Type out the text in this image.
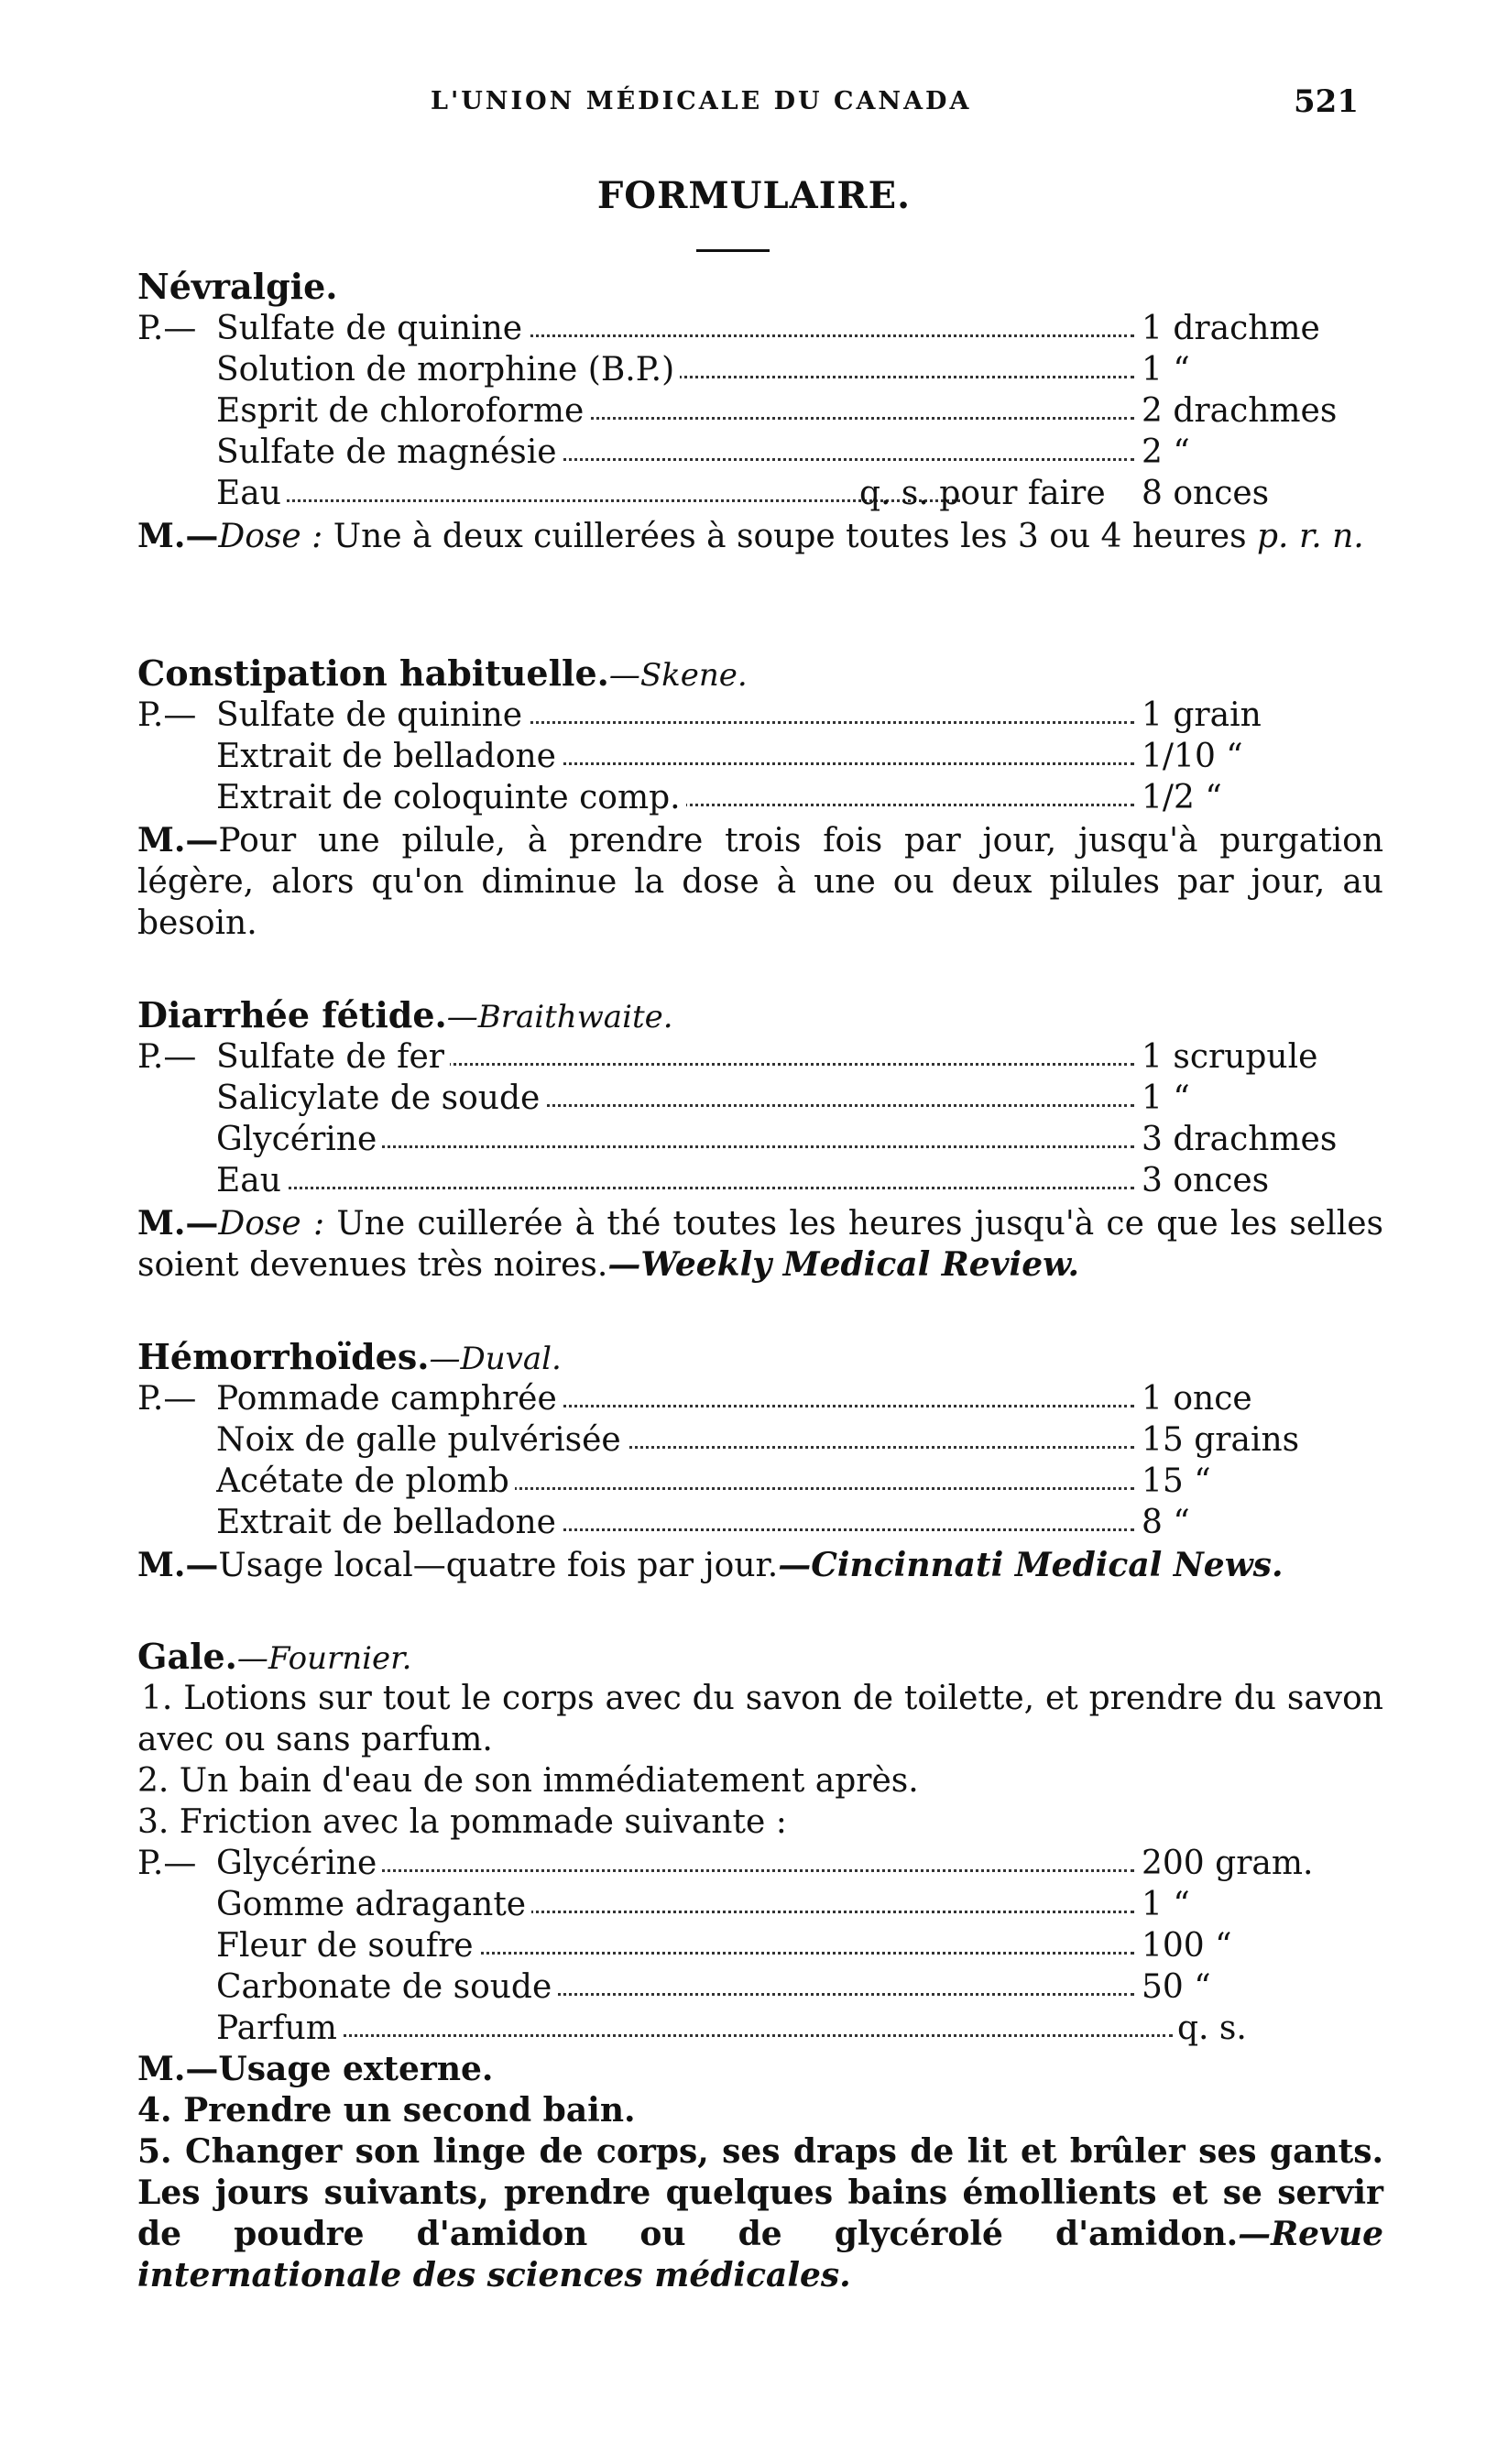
L'UNION MÉDICALE DU CANADA	521
FORMULAIRE.
Névralgie.
P.— Sulfate de quinine	1 drachme
Solution de morphine (B.P.)	1 “
Esprit de chloroforme	2 drachmes
Sulfate de magnésie	2 “
Eau	q. s. pour faire 8 onces
M.—Dose : Une à deux cuillerées à soupe toutes les 3 ou 4 heures p. r. n.
Constipation habituelle.—Skene.
P.— Sulfate de quinine	1 grain
Extrait de belladone	1/10 “
Extrait de coloquinte comp.	1/2 “
M.—Pour une pilule, à prendre trois fois par jour, jusqu'à purgation légère, alors qu'on diminue la dose à une ou deux pilules par jour, au besoin.
Diarrhée fétide.—Braithwaite.
P.— Sulfate de fer	1 scrupule
Salicylate de soude	1 “
Glycérine	3 drachmes
Eau	3 onces
M.—Dose : Une cuillerée à thé toutes les heures jusqu'à ce que les selles soient devenues très noires.—Weekly Medical Review.
Hémorrhoïdes.—Duval.
P.— Pommade camphrée	1 once
Noix de galle pulvérisée	15 grains
Acétate de plomb	15 “
Extrait de belladone	8 “
M.—Usage local—quatre fois par jour.—Cincinnati Medical News.
Gale.—Fournier.
1. Lotions sur tout le corps avec du savon de toilette, et prendre du savon avec ou sans parfum.
2. Un bain d'eau de son immédiatement après.
3. Friction avec la pommade suivante :
P.— Glycérine	200 gram.
Gomme adragante	1 “
Fleur de soufre	100 “
Carbonate de soude	50 “
Parfum	q. s.
M.—Usage externe.
4. Prendre un second bain.
5. Changer son linge de corps, ses draps de lit et brûler ses gants. Les jours suivants, prendre quelques bains émollients et se servir de poudre d'amidon ou de glycérolé d'amidon.—Revue internationale des sciences médicales.
